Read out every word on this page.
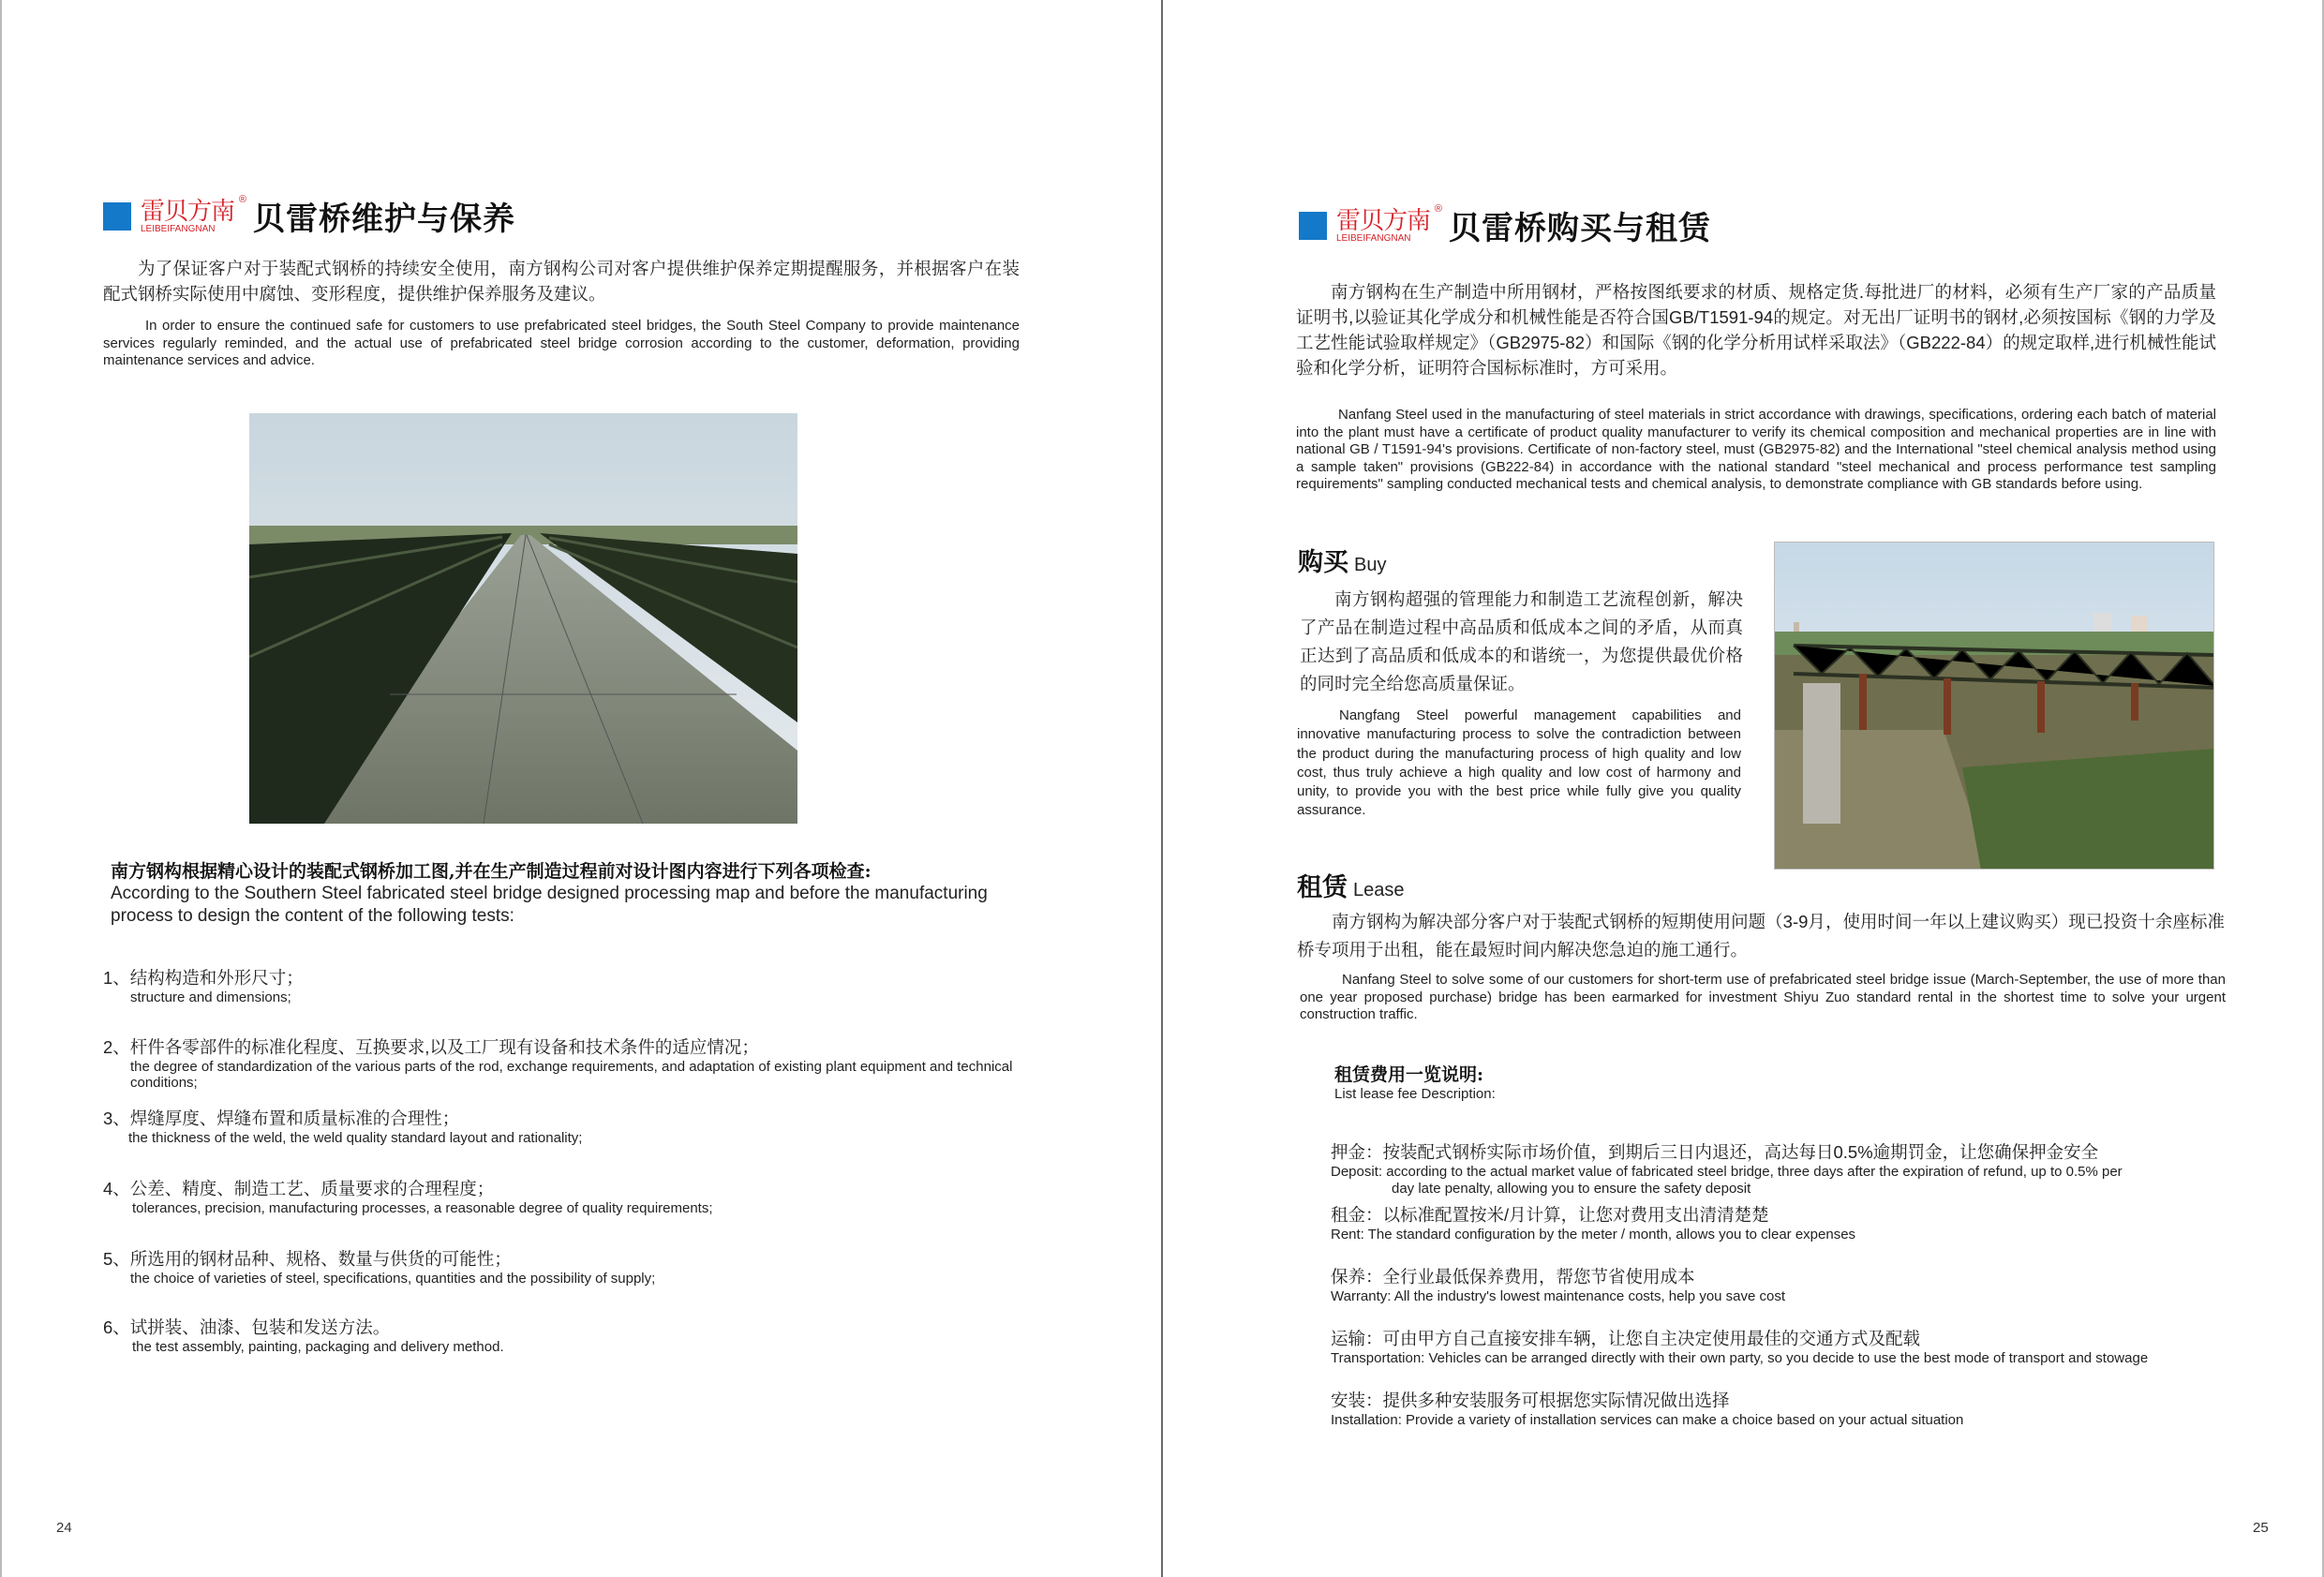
雷贝方南 ®
LEIBEIFANGNAN	贝雷桥维护与保养

为了保证客户对于装配式钢桥的持续安全使用，南方钢构公司对客户提供维护保养定期提醒服务，并根据客户在装配式钢桥实际使用中腐蚀、变形程度，提供维护保养服务及建议。

In order to ensure the continued safe for customers to use prefabricated steel bridges, the South Steel Company to provide maintenance services regularly reminded, and the actual use of prefabricated steel bridge corrosion according to the customer, deformation, providing maintenance services and advice.

南方钢构根据精心设计的装配式钢桥加工图,并在生产制造过程前对设计图内容进行下列各项检查:

According to the Southern Steel fabricated steel bridge designed processing map and before the manufacturing process to design the content of the following tests:

1、结构构造和外形尺寸；

structure and dimensions;

2、杆件各零部件的标准化程度、互换要求,以及工厂现有设备和技术条件的适应情况；

the degree of standardization of the various parts of the rod, exchange requirements, and adaptation of existing plant equipment and technical conditions;

3、焊缝厚度、焊缝布置和质量标准的合理性；

the thickness of the weld, the weld quality standard layout and rationality;

4、公差、精度、制造工艺、质量要求的合理程度；

tolerances, precision, manufacturing processes, a reasonable degree of quality requirements;

5、所选用的钢材品种、规格、数量与供货的可能性；

the choice of varieties of steel, specifications, quantities and the possibility of supply;

6、试拼装、油漆、包装和发送方法。

the test assembly, painting, packaging and delivery method.

24
雷贝方南 ®
LEIBEIFANGNAN	贝雷桥购买与租赁

南方钢构在生产制造中所用钢材，严格按图纸要求的材质、规格定货.每批进厂的材料，必须有生产厂家的产品质量证明书,以验证其化学成分和机械性能是否符合国GB/T1591-94的规定。对无出厂证明书的钢材,必须按国标《钢的力学及工艺性能试验取样规定》（GB2975-82）和国际《钢的化学分析用试样采取法》（GB222-84）的规定取样,进行机械性能试验和化学分析，证明符合国标标准时，方可采用。

Nanfang Steel used in the manufacturing of steel materials in strict accordance with drawings, specifications, ordering each batch of material into the plant must have a certificate of product quality manufacturer to verify its chemical composition and mechanical properties are in line with national GB / T1591-94's provisions. Certificate of non-factory steel, must (GB2975-82) and the International "steel chemical analysis method using a sample taken" provisions (GB222-84) in accordance with the national standard "steel mechanical and process performance test sampling requirements" sampling conducted mechanical tests and chemical analysis, to demonstrate compliance with GB standards before using.

购买 Buy

南方钢构超强的管理能力和制造工艺流程创新，解决了产品在制造过程中高品质和低成本之间的矛盾，从而真正达到了高品质和低成本的和谐统一，为您提供最优价格的同时完全给您高质量保证。

Nangfang Steel powerful management capabilities and innovative manufacturing process to solve the contradiction between the product during the manufacturing process of high quality and low cost, thus truly achieve a high quality and low cost of harmony and unity, to provide you with the best price while fully give you quality assurance.

租赁 Lease

南方钢构为解决部分客户对于装配式钢桥的短期使用问题（3-9月，使用时间一年以上建议购买）现已投资十余座标准桥专项用于出租，能在最短时间内解决您急迫的施工通行。

Nanfang Steel to solve some of our customers for short-term use of prefabricated steel bridge issue (March-September, the use of more than one year proposed purchase) bridge has been earmarked for investment Shiyu Zuo standard rental in the shortest time to solve your urgent construction traffic.

租赁费用一览说明:

List lease fee Description:

押金：按装配式钢桥实际市场价值，到期后三日内退还，高达每日0.5%逾期罚金，让您确保押金安全

Deposit: according to the actual market value of fabricated steel bridge, three days after the expiration of refund, up to 0.5% per

day late penalty, allowing you to ensure the safety deposit

租金：以标准配置按米/月计算，让您对费用支出清清楚楚

Rent: The standard configuration by the meter / month, allows you to clear expenses

保养：全行业最低保养费用，帮您节省使用成本

Warranty: All the industry's lowest maintenance costs, help you save cost

运输：可由甲方自己直接安排车辆，让您自主决定使用最佳的交通方式及配载

Transportation: Vehicles can be arranged directly with their own party, so you decide to use the best mode of transport and stowage

安装：提供多种安装服务可根据您实际情况做出选择

Installation: Provide a variety of installation services can make a choice based on your actual situation

25
